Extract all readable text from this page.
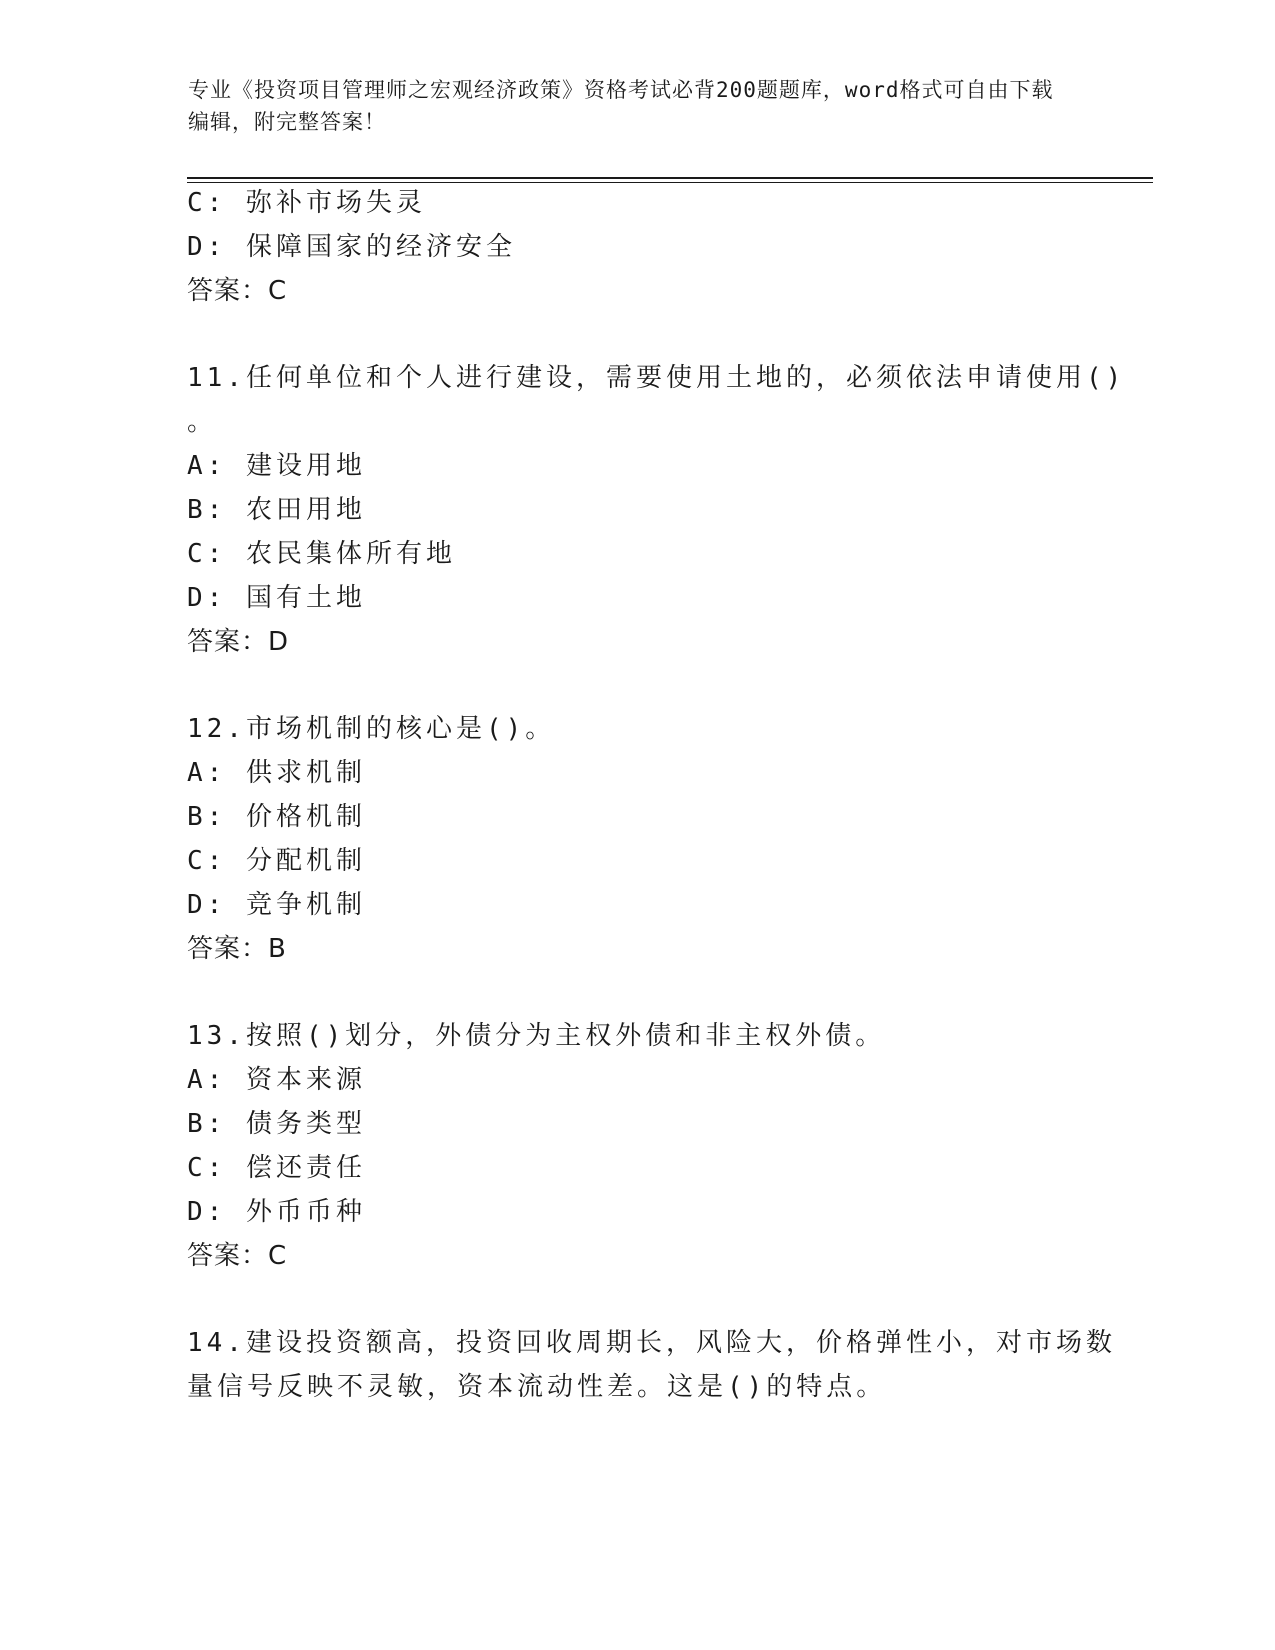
专业《投资项目管理师之宏观经济政策》资格考试必背200题题库，word格式可自由下载编辑，附完整答案！
C: 弥补市场失灵
D: 保障国家的经济安全
答案：C
11.任何单位和个人进行建设，需要使用土地的，必须依法申请使用()
。
A: 建设用地
B: 农田用地
C: 农民集体所有地
D: 国有土地
答案：D
12.市场机制的核心是()。
A: 供求机制
B: 价格机制
C: 分配机制
D: 竞争机制
答案：B
13.按照()划分，外债分为主权外债和非主权外债。
A: 资本来源
B: 债务类型
C: 偿还责任
D: 外币币种
答案：C
14.建设投资额高，投资回收周期长，风险大，价格弹性小，对市场数
量信号反映不灵敏，资本流动性差。这是()的特点。
